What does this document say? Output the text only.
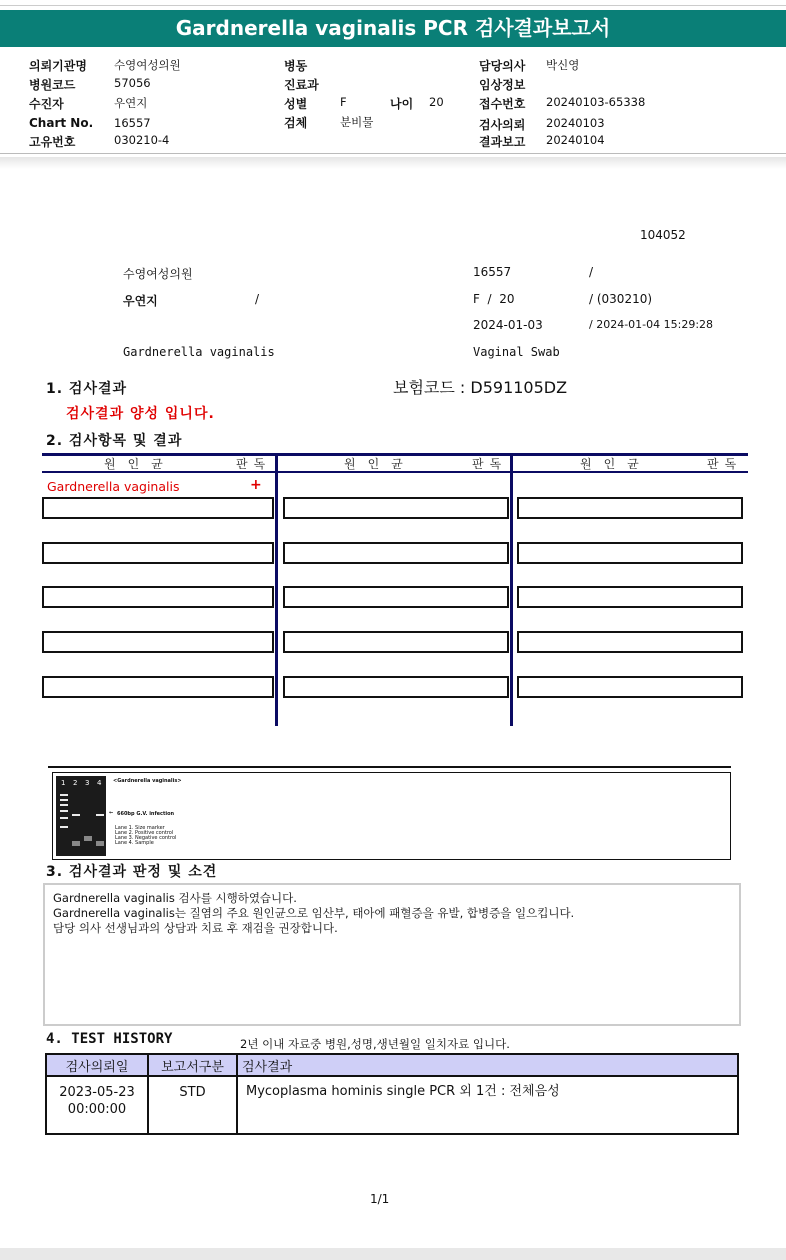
Gardnerella vaginalis PCR 검사결과보고서
의뢰기관명 수영여성의원
병원코드	57056
수진자	우연지
Chart No. 16557
고유번호	030210-4
병동
진료과
성별	F	나이 20
검체	분비물
담당의사 박신영
임상정보
접수번호 20240103-65338
검사의뢰 20240103
결과보고 20240104
104052
수영여성의원	16557	/
우연지	/	F  /  20	/ (030210)
2024-01-03	/ 2024-01-04 15:29:28
Gardnerella vaginalis	Vaginal Swab
1. 검사결과	보험코드 : D591105DZ
검사결과 양성 입니다.
2. 검사항목 및 결과
원인균	판독	원인균	판독	원인균	판독
Gardnerella vaginalis	+
1 2 3 4 <Gardnerella vaginalis>
← 660bp G.V. infection
Lane 1. Size marker
Lane 2. Positive control
Lane 3. Negative control
Lane 4. Sample
3. 검사결과 판정 및 소견
Gardnerella vaginalis 검사를 시행하였습니다.
Gardnerella vaginalis는 질염의 주요 원인균으로 임산부, 태아에 패혈증을 유발, 합병증을 일으킵니다.
담당 의사 선생님과의 상담과 치료 후 재검을 권장합니다.
4. TEST HISTORY	2년 이내 자료중 병원,성명,생년월일 일치자료 입니다.
검사의뢰일	보고서구분	검사결과

2023-05-23
00:00:00	STD	Mycoplasma hominis single PCR 외 1건 : 전체음성
1/1
